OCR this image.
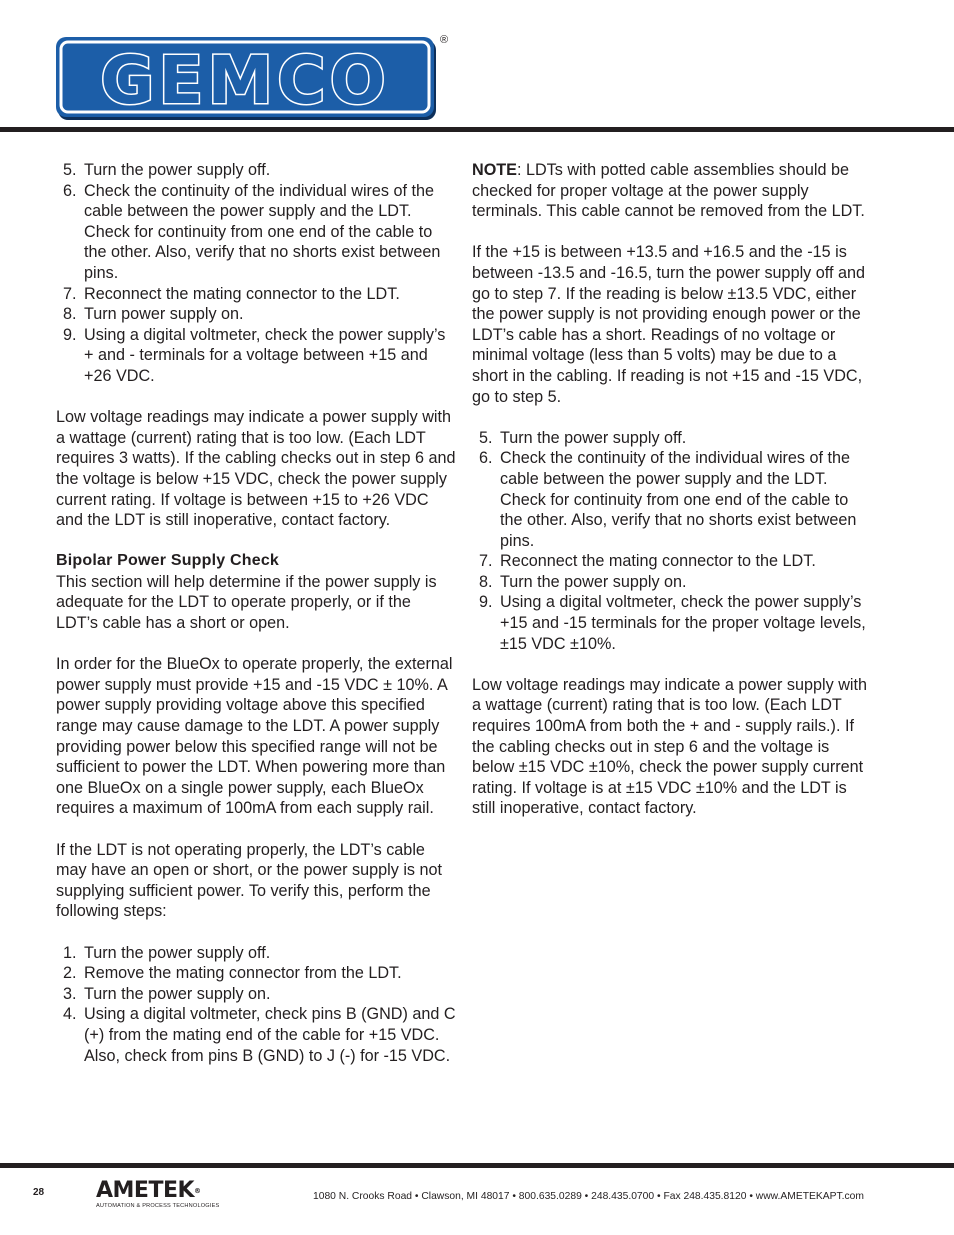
GEMCO
®
5. Turn the power supply off.
6. Check the continuity of the individual wires of the cable between the power supply and the LDT. Check for continuity from one end of the cable to the other. Also, verify that no shorts exist between pins.
7. Reconnect the mating connector to the LDT.
8. Turn power supply on.
9. Using a digital voltmeter, check the power supply’s + and - terminals for a voltage between +15 and +26 VDC.

Low voltage readings may indicate a power supply with a wattage (current) rating that is too low. (Each LDT requires 3 watts). If the cabling checks out in step 6 and the voltage is below +15 VDC, check the power supply current rating. If voltage is between +15 to +26 VDC and the LDT is still inoperative, contact factory.

Bipolar Power Supply Check

This section will help determine if the power supply is adequate for the LDT to operate properly, or if the LDT’s cable has a short or open.

In order for the BlueOx to operate properly, the external power supply must provide +15 and -15 VDC ± 10%. A power supply providing voltage above this specified range may cause damage to the LDT. A power supply providing power below this specified range will not be sufficient to power the LDT. When powering more than one BlueOx on a single power supply, each BlueOx requires a maximum of 100mA from each supply rail.

If the LDT is not operating properly, the LDT’s cable may have an open or short, or the power supply is not supplying sufficient power. To verify this, perform the following steps:

1. Turn the power supply off.
2. Remove the mating connector from the LDT.
3. Turn the power supply on.
4. Using a digital voltmeter, check pins B (GND) and C (+) from the mating end of the cable for +15 VDC. Also, check from pins B (GND) to J (-) for -15 VDC.

NOTE: LDTs with potted cable assemblies should be checked for proper voltage at the power supply terminals. This cable cannot be removed from the LDT.

If the +15 is between +13.5 and +16.5 and the -15 is between -13.5 and -16.5, turn the power supply off and go to step 7. If the reading is below ±13.5 VDC, either the power supply is not providing enough power or the LDT’s cable has a short. Readings of no voltage or minimal voltage (less than 5 volts) may be due to a short in the cabling. If reading is not +15 and -15 VDC, go to step 5.

5. Turn the power supply off.
6. Check the continuity of the individual wires of the cable between the power supply and the LDT. Check for continuity from one end of the cable to the other. Also, verify that no shorts exist between pins.
7. Reconnect the mating connector to the LDT.
8. Turn the power supply on.
9. Using a digital voltmeter, check the power supply’s +15 and -15 terminals for the proper voltage levels, ±15 VDC ±10%.

Low voltage readings may indicate a power supply with a wattage (current) rating that is too low. (Each LDT requires 100mA from both the + and - supply rails.). If the cabling checks out in step 6 and the voltage is below ±15 VDC ±10%, check the power supply current rating. If voltage is at ±15 VDC ±10% and the LDT is still inoperative, contact factory.

28 AMETEK®
AUTOMATION & PROCESS TECHNOLOGIES
1080 N. Crooks Road • Clawson, MI 48017 • 800.635.0289 • 248.435.0700 • Fax 248.435.8120 • www.AMETEKAPT.com
